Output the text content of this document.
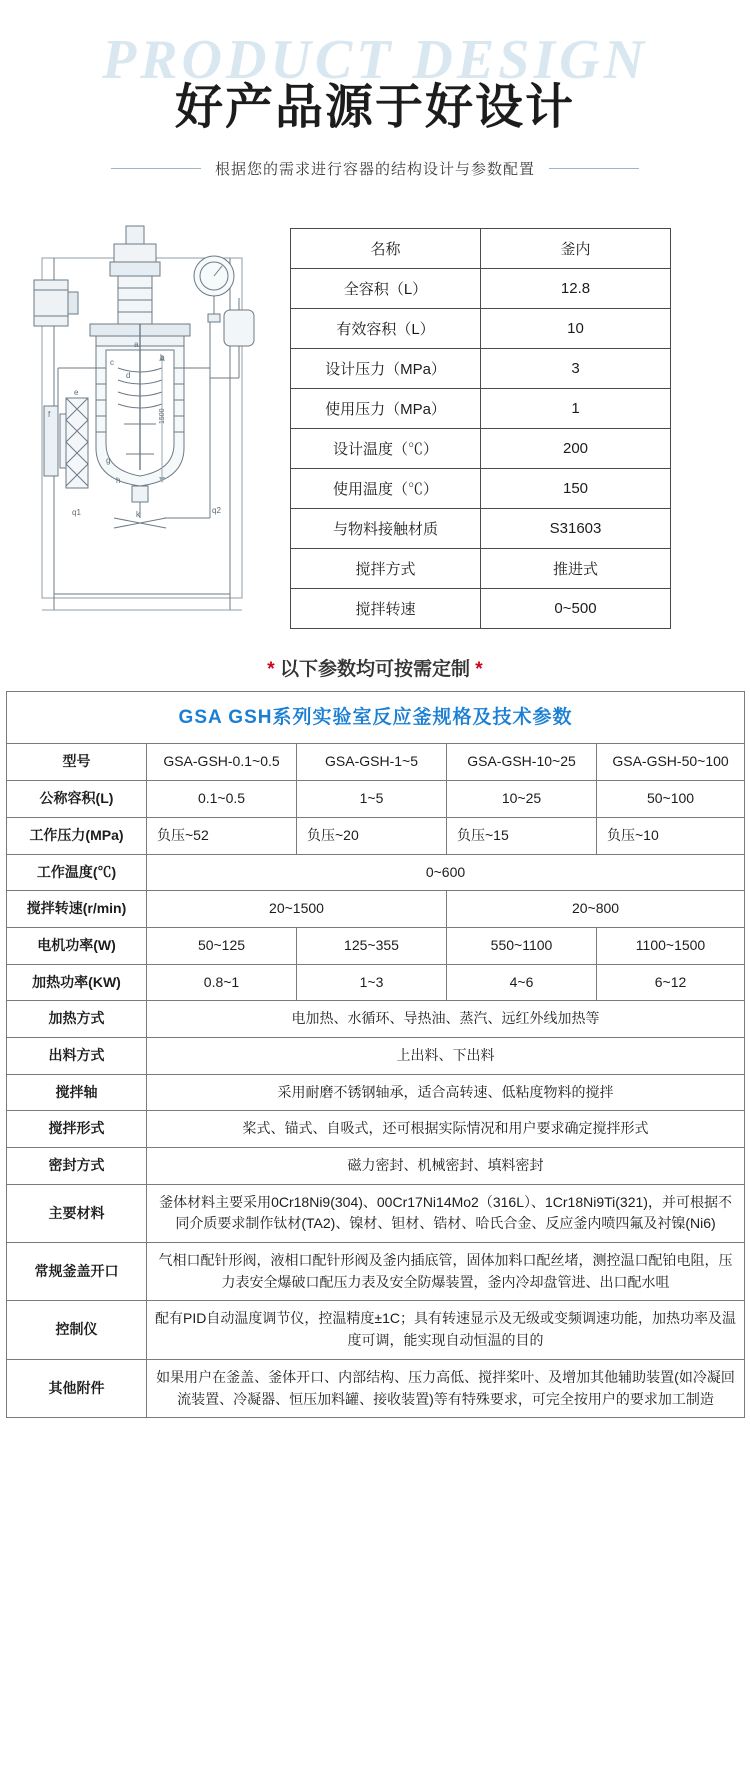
PRODUCT DESIGN
好产品源于好设计
根据您的需求进行容器的结构设计与参数配置
1500
a
b
c
d
e
f
g
h
k
q1	q2
名称	釜内
全容积（L）	12.8
有效容积（L）	10
设计压力（MPa）	3
使用压力（MPa）	1
设计温度（℃）	200
使用温度（℃）	150
与物料接触材质	S31603
搅拌方式	推进式
搅拌转速	0~500
* 以下参数均可按需定制 *
GSA GSH系列实验室反应釜规格及技术参数				
型号	GSA-GSH-0.1~0.5	GSA-GSH-1~5	GSA-GSH-10~25	GSA-GSH-50~100
公称容积(L)	0.1~0.5	1~5	10~25	50~100
工作压力(MPa)	负压~52	负压~20	负压~15	负压~10
工作温度(℃)	0~600			
搅拌转速(r/min)	20~1500		20~800	
电机功率(W)	50~125	125~355	550~1100	1100~1500
加热功率(KW)	0.8~1	1~3	4~6	6~12
加热方式	电加热、水循环、导热油、蒸汽、远红外线加热等			
出料方式	上出料、下出料			
搅拌轴	采用耐磨不锈钢轴承，适合高转速、低粘度物料的搅拌			
搅拌形式	桨式、锚式、自吸式，还可根据实际情况和用户要求确定搅拌形式			
密封方式	磁力密封、机械密封、填料密封			
主要材料	釜体材料主要采用0Cr18Ni9(304)、00Cr17Ni14Mo2（316L）、1Cr18Ni9Ti(321)，并可根据不同介质要求制作钛材(TA2)、镍材、钽材、锆材、哈氏合金、反应釜内喷四氟及衬镍(Ni6)			
常规釜盖开口	气相口配针形阀，液相口配针形阀及釜内插底管，固体加料口配丝堵，测控温口配铂电阻，压力表安全爆破口配压力表及安全防爆装置，釜内冷却盘管进、出口配水咀			
控制仪	配有PID自动温度调节仪，控温精度±1C；具有转速显示及无级或变频调速功能，加热功率及温度可调，能实现自动恒温的目的			
其他附件	如果用户在釜盖、釜体开口、内部结构、压力高低、搅拌桨叶、及增加其他辅助装置(如冷凝回流装置、冷凝器、恒压加料罐、接收装置)等有特殊要求，可完全按用户的要求加工制造			
